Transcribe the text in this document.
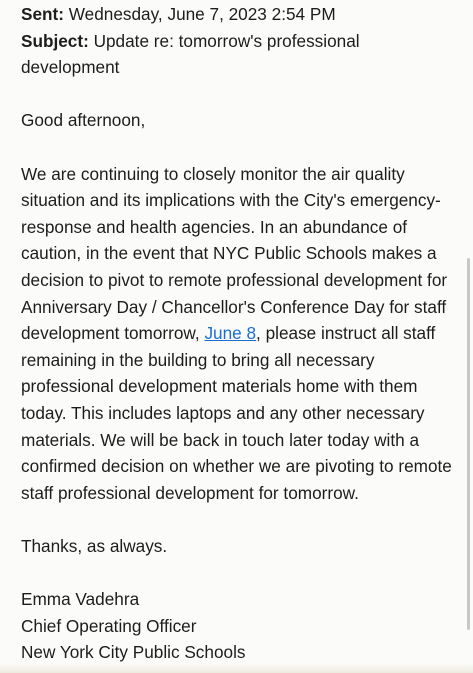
Sent: Wednesday, June 7, 2023 2:54 PM
Subject: Update re: tomorrow's professional development

Good afternoon,

We are continuing to closely monitor the air quality situation and its implications with the City's emergency-response and health agencies. In an abundance of caution, in the event that NYC Public Schools makes a decision to pivot to remote professional development for Anniversary Day / Chancellor's Conference Day for staff development tomorrow, June 8, please instruct all staff remaining in the building to bring all necessary professional development materials home with them today. This includes laptops and any other necessary materials. We will be back in touch later today with a confirmed decision on whether we are pivoting to remote staff professional development for tomorrow.

Thanks, as always.

Emma Vadehra
Chief Operating Officer
New York City Public Schools
